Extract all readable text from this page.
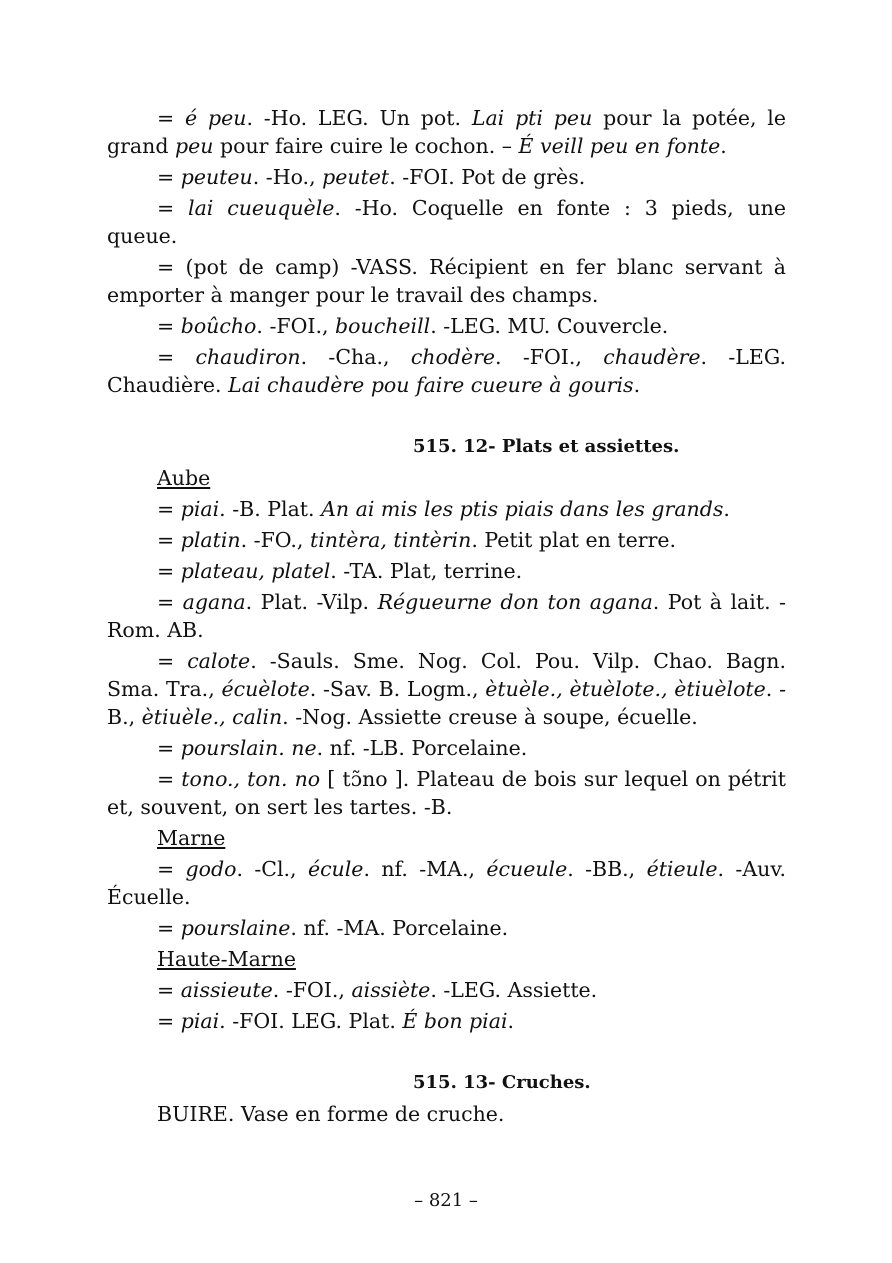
= é peu. -Ho. LEG. Un pot. Lai pti peu pour la potée, le grand peu pour faire cuire le cochon. – É veill peu en fonte.

= peuteu. -Ho., peutet. -FOI. Pot de grès.

= lai cueuquèle. -Ho. Coquelle en fonte : 3 pieds, une queue.

= (pot de camp) -VASS. Récipient en fer blanc servant à emporter à manger pour le travail des champs.

= boûcho. -FOI., boucheill. -LEG. MU. Couvercle.

= chaudiron. -Cha., chodère. -FOI., chaudère. -LEG. Chaudière. Lai chaudère pou faire cueure à gouris.

515. 12- Plats et assiettes.

Aube

= piai. -B. Plat. An ai mis les ptis piais dans les grands.

= platin. -FO., tintèra, tintèrin. Petit plat en terre.

= plateau, platel. -TA. Plat, terrine.

= agana. Plat. -Vilp. Régueurne don ton agana. Pot à lait. -Rom. AB.

= calote. -Sauls. Sme. Nog. Col. Pou. Vilp. Chao. Bagn. Sma. Tra., écuèlote. -Sav. B. Logm., ètuèle., ètuèlote., ètiuèlote. -B., ètiuèle., calin. -Nog. Assiette creuse à soupe, écuelle.

= pourslain. ne. nf. -LB. Porcelaine.

= tono., ton. no [ tɔ̃no ]. Plateau de bois sur lequel on pétrit et, souvent, on sert les tartes. -B.

Marne

= godo. -Cl., écule. nf. -MA., écueule. -BB., étieule. -Auv. Écuelle.

= pourslaine. nf. -MA. Porcelaine.

Haute-Marne

= aissieute. -FOI., aissiète. -LEG. Assiette.

= piai. -FOI. LEG. Plat. É bon piai.

515. 13- Cruches.

BUIRE. Vase en forme de cruche.

– 821 –
